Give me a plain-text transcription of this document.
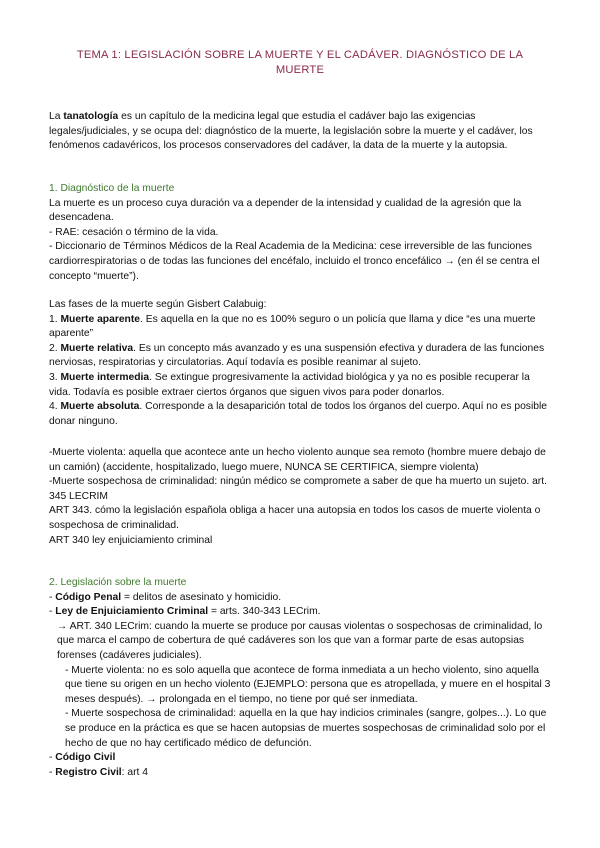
TEMA 1: LEGISLACIÓN SOBRE LA MUERTE Y EL CADÁVER. DIAGNÓSTICO DE LA MUERTE

La tanatología es un capítulo de la medicina legal que estudia el cadáver bajo las exigencias legales/judiciales, y se ocupa del: diagnóstico de la muerte, la legislación sobre la muerte y el cadáver, los fenómenos cadavéricos, los procesos conservadores del cadáver, la data de la muerte y la autopsia.

1. Diagnóstico de la muerte

La muerte es un proceso cuya duración va a depender de la intensidad y cualidad de la agresión que la desencadena.

- RAE: cesación o término de la vida.

- Diccionario de Términos Médicos de la Real Academia de la Medicina: cese irreversible de las funciones cardiorrespiratorias o de todas las funciones del encéfalo, incluido el tronco encefálico → (en él se centra el concepto “muerte”).

Las fases de la muerte según Gisbert Calabuig:

1. Muerte aparente. Es aquella en la que no es 100% seguro o un policía que llama y dice “es una muerte aparente”

2. Muerte relativa. Es un concepto más avanzado y es una suspensión efectiva y duradera de las funciones nerviosas, respiratorias y circulatorias. Aquí todavía es posible reanimar al sujeto.

3. Muerte intermedia. Se extingue progresivamente la actividad biológica y ya no es posible recuperar la vida. Todavía es posible extraer ciertos órganos que siguen vivos para poder donarlos.

4. Muerte absoluta. Corresponde a la desaparición total de todos los órganos del cuerpo. Aquí no es posible donar ninguno.

-Muerte violenta: aquella que acontece ante un hecho violento aunque sea remoto (hombre muere debajo de un camión) (accidente, hospitalizado, luego muere, NUNCA SE CERTIFICA, siempre violenta)

-Muerte sospechosa de criminalidad: ningún médico se compromete a saber de que ha muerto un sujeto. art. 345 LECRIM

ART 343. cómo la legislación española obliga a hacer una autopsia en todos los casos de muerte violenta o sospechosa de criminalidad.

ART 340 ley enjuiciamiento criminal

2. Legislación sobre la muerte

- Código Penal = delitos de asesinato y homicidio.

- Ley de Enjuiciamiento Criminal = arts. 340-343 LECrim.

→ ART. 340 LECrim: cuando la muerte se produce por causas violentas o sospechosas de criminalidad, lo que marca el campo de cobertura de qué cadáveres son los que van a formar parte de esas autopsias forenses (cadáveres judiciales).

- Muerte violenta: no es solo aquella que acontece de forma inmediata a un hecho violento, sino aquella que tiene su origen en un hecho violento (EJEMPLO: persona que es atropellada, y muere en el hospital 3 meses después). → prolongada en el tiempo, no tiene por qué ser inmediata.

- Muerte sospechosa de criminalidad: aquella en la que hay indicios criminales (sangre, golpes...). Lo que se produce en la práctica es que se hacen autopsias de muertes sospechosas de criminalidad solo por el hecho de que no hay certificado médico de defunción.

- Código Civil

- Registro Civil: art 4
